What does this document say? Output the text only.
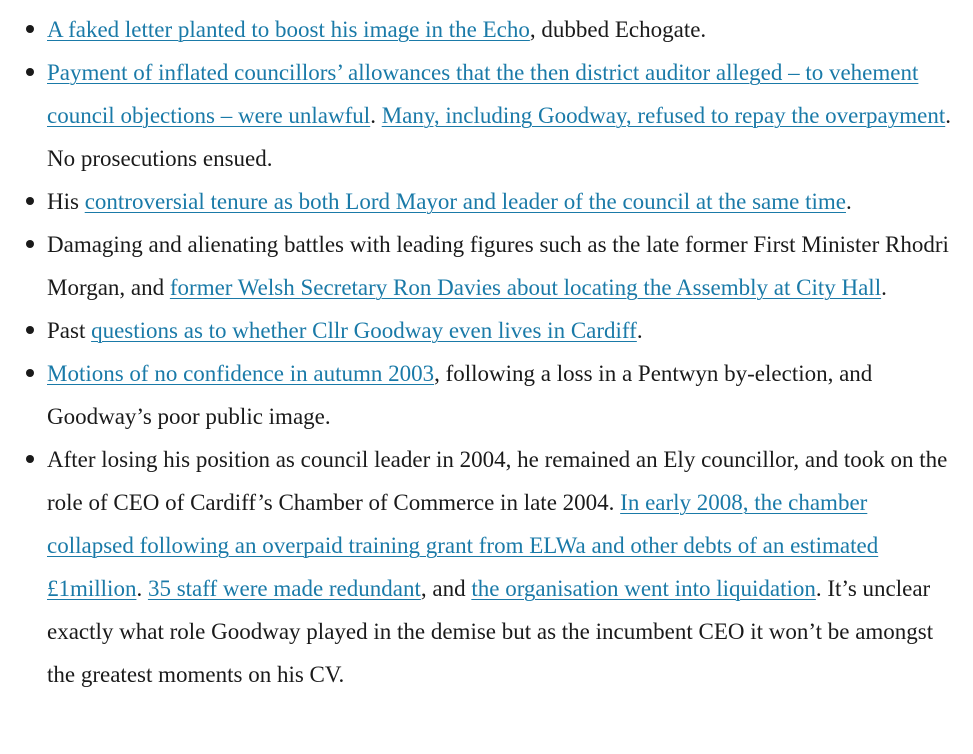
A faked letter planted to boost his image in the Echo, dubbed Echogate.
Payment of inflated councillors’ allowances that the then district auditor alleged – to vehement council objections – were unlawful. Many, including Goodway, refused to repay the overpayment. No prosecutions ensued.
His controversial tenure as both Lord Mayor and leader of the council at the same time.
Damaging and alienating battles with leading figures such as the late former First Minister Rhodri Morgan, and former Welsh Secretary Ron Davies about locating the Assembly at City Hall.
Past questions as to whether Cllr Goodway even lives in Cardiff.
Motions of no confidence in autumn 2003, following a loss in a Pentwyn by-election, and Goodway’s poor public image.
After losing his position as council leader in 2004, he remained an Ely councillor, and took on the role of CEO of Cardiff’s Chamber of Commerce in late 2004. In early 2008, the chamber collapsed following an overpaid training grant from ELWa and other debts of an estimated £1million. 35 staff were made redundant, and the organisation went into liquidation. It’s unclear exactly what role Goodway played in the demise but as the incumbent CEO it won’t be amongst the greatest moments on his CV.
